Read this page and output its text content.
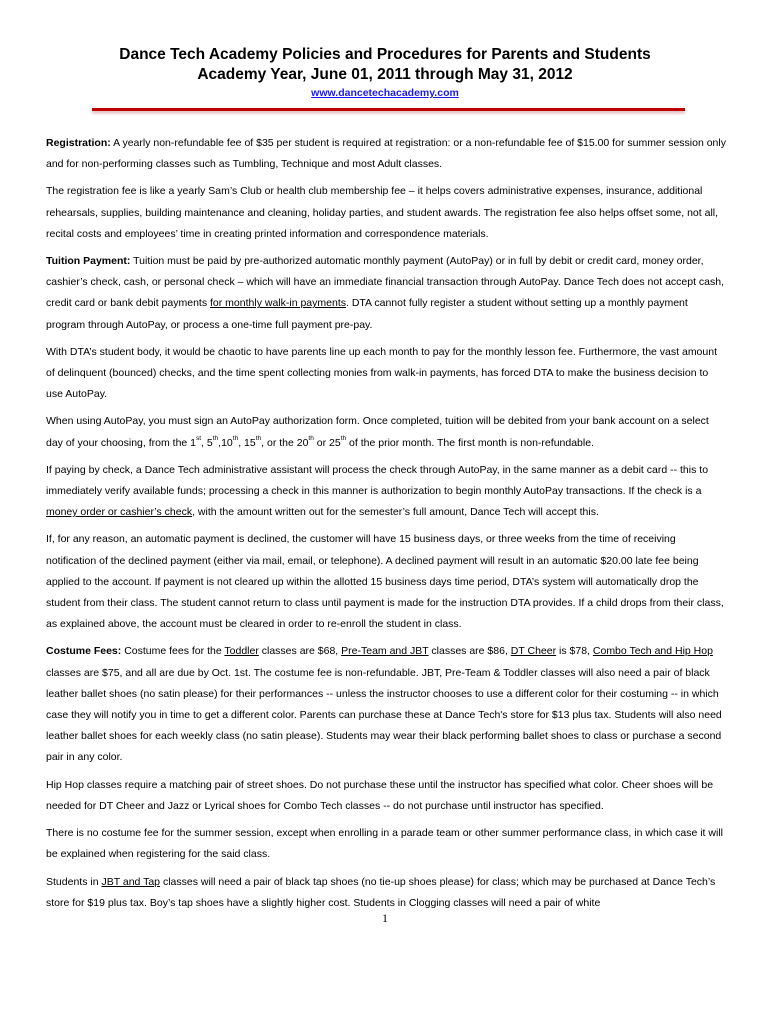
Dance Tech Academy Policies and Procedures for Parents and Students
Academy Year, June 01, 2011 through May 31, 2012
www.dancetechacademy.com

Registration: A yearly non-refundable fee of $35 per student is required at registration: or a non-refundable fee of $15.00 for summer session only and for non-performing classes such as Tumbling, Technique and most Adult classes.

The registration fee is like a yearly Sam’s Club or health club membership fee – it helps covers administrative expenses, insurance, additional rehearsals, supplies, building maintenance and cleaning, holiday parties, and student awards. The registration fee also helps offset some, not all, recital costs and employees’ time in creating printed information and correspondence materials.

Tuition Payment: Tuition must be paid by pre-authorized automatic monthly payment (AutoPay) or in full by debit or credit card, money order, cashier’s check, cash, or personal check – which will have an immediate financial transaction through AutoPay. Dance Tech does not accept cash, credit card or bank debit payments for monthly walk-in payments. DTA cannot fully register a student without setting up a monthly payment program through AutoPay, or process a one-time full payment pre-pay.

With DTA’s student body, it would be chaotic to have parents line up each month to pay for the monthly lesson fee. Furthermore, the vast amount of delinquent (bounced) checks, and the time spent collecting monies from walk-in payments, has forced DTA to make the business decision to use AutoPay.

When using AutoPay, you must sign an AutoPay authorization form. Once completed, tuition will be debited from your bank account on a select day of your choosing, from the 1st, 5th,10th, 15th, or the 20th or 25th of the prior month. The first month is non-refundable.

If paying by check, a Dance Tech administrative assistant will process the check through AutoPay, in the same manner as a debit card -- this to immediately verify available funds; processing a check in this manner is authorization to begin monthly AutoPay transactions. If the check is a money order or cashier’s check, with the amount written out for the semester’s full amount, Dance Tech will accept this.

If, for any reason, an automatic payment is declined, the customer will have 15 business days, or three weeks from the time of receiving notification of the declined payment (either via mail, email, or telephone). A declined payment will result in an automatic $20.00 late fee being applied to the account. If payment is not cleared up within the allotted 15 business days time period, DTA’s system will automatically drop the student from their class. The student cannot return to class until payment is made for the instruction DTA provides. If a child drops from their class, as explained above, the account must be cleared in order to re-enroll the student in class.

Costume Fees: Costume fees for the Toddler classes are $68, Pre-Team and JBT classes are $86, DT Cheer is $78, Combo Tech and Hip Hop classes are $75, and all are due by Oct. 1st. The costume fee is non-refundable. JBT, Pre-Team & Toddler classes will also need a pair of black leather ballet shoes (no satin please) for their performances -- unless the instructor chooses to use a different color for their costuming -- in which case they will notify you in time to get a different color. Parents can purchase these at Dance Tech's store for $13 plus tax. Students will also need leather ballet shoes for each weekly class (no satin please). Students may wear their black performing ballet shoes to class or purchase a second pair in any color.

Hip Hop classes require a matching pair of street shoes. Do not purchase these until the instructor has specified what color. Cheer shoes will be needed for DT Cheer and Jazz or Lyrical shoes for Combo Tech classes -- do not purchase until instructor has specified.

There is no costume fee for the summer session, except when enrolling in a parade team or other summer performance class, in which case it will be explained when registering for the said class.

Students in JBT and Tap classes will need a pair of black tap shoes (no tie-up shoes please) for class; which may be purchased at Dance Tech’s store for $19 plus tax. Boy’s tap shoes have a slightly higher cost. Students in Clogging classes will need a pair of white

1
